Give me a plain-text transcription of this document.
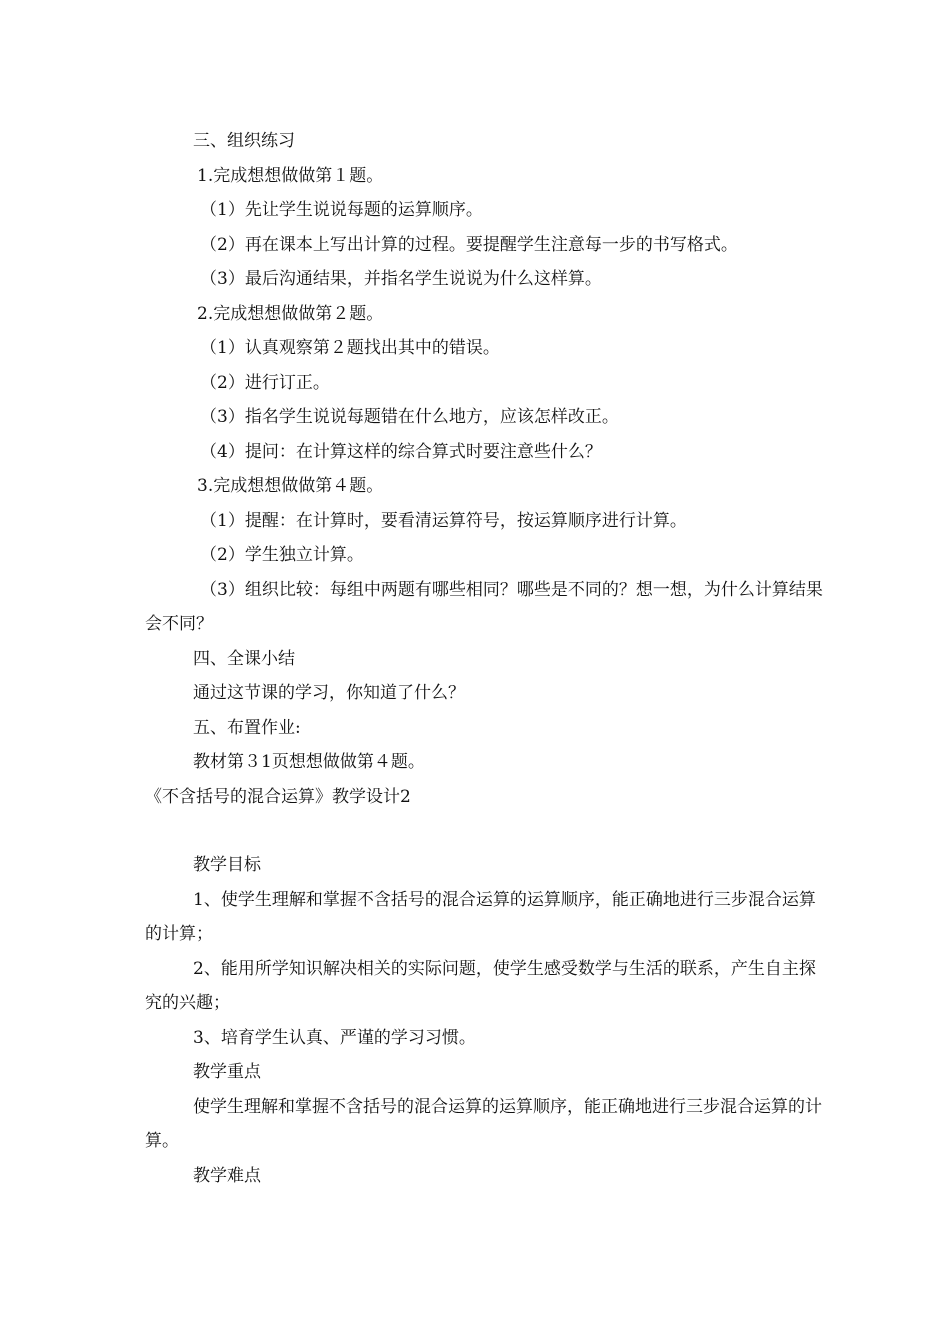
三、组织练习
1.完成想想做做第１题。
（1）先让学生说说每题的运算顺序。
（2）再在课本上写出计算的过程。要提醒学生注意每一步的书写格式。
（3）最后沟通结果，并指名学生说说为什么这样算。
2.完成想想做做第２题。
（1）认真观察第２题找出其中的错误。
（2）进行订正。
（3）指名学生说说每题错在什么地方，应该怎样改正。
（4）提问：在计算这样的综合算式时要注意些什么？
3.完成想想做做第４题。
（1）提醒：在计算时，要看清运算符号，按运算顺序进行计算。
（2）学生独立计算。
（3）组织比较：每组中两题有哪些相同？哪些是不同的？想一想，为什么计算结果会不同？
四、全课小结
通过这节课的学习，你知道了什么？
五、布置作业:
教材第３1页想想做做第４题。
《不含括号的混合运算》教学设计2
教学目标
1、使学生理解和掌握不含括号的混合运算的运算顺序，能正确地进行三步混合运算的计算；
2、能用所学知识解决相关的实际问题，使学生感受数学与生活的联系，产生自主探究的兴趣；
3、培育学生认真、严谨的学习习惯。
教学重点
使学生理解和掌握不含括号的混合运算的运算顺序，能正确地进行三步混合运算的计算。
教学难点
